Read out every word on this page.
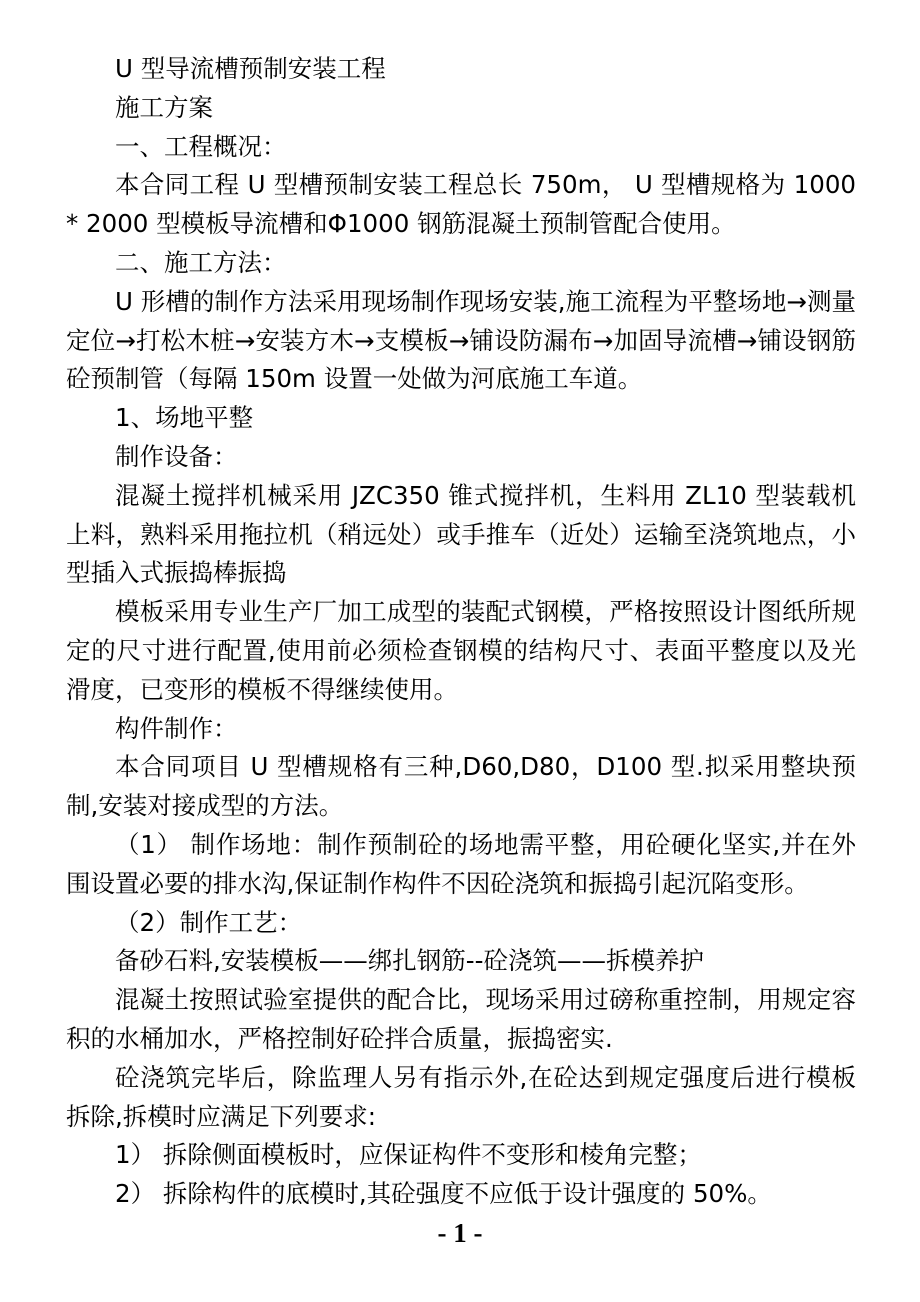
U 型导流槽预制安装工程

施工方案

一、工程概况：

本合同工程 U 型槽预制安装工程总长 750m， U 型槽规格为 1000 * 2000 型模板导流槽和Φ1000 钢筋混凝土预制管配合使用。

二、施工方法：

U 形槽的制作方法采用现场制作现场安装,施工流程为平整场地→测量定位→打松木桩→安装方木→支模板→铺设防漏布→加固导流槽→铺设钢筋砼预制管（每隔 150m 设置一处做为河底施工车道。

1、场地平整

制作设备：

混凝土搅拌机械采用 JZC350 锥式搅拌机，生料用 ZL10 型装载机上料，熟料采用拖拉机（稍远处）或手推车（近处）运输至浇筑地点，小型插入式振捣棒振捣

模板采用专业生产厂加工成型的装配式钢模，严格按照设计图纸所规定的尺寸进行配置,使用前必须检查钢模的结构尺寸、表面平整度以及光滑度，已变形的模板不得继续使用。

构件制作：

本合同项目 U 型槽规格有三种,D60,D80，D100 型.拟采用整块预制,安装对接成型的方法。

（1） 制作场地：制作预制砼的场地需平整，用砼硬化坚实,并在外围设置必要的排水沟,保证制作构件不因砼浇筑和振捣引起沉陷变形。

（2）制作工艺：

备砂石料,安装模板——绑扎钢筋--砼浇筑——拆模养护

混凝土按照试验室提供的配合比，现场采用过磅称重控制，用规定容积的水桶加水，严格控制好砼拌合质量，振捣密实.

砼浇筑完毕后，除监理人另有指示外,在砼达到规定强度后进行模板拆除,拆模时应满足下列要求:

1） 拆除侧面模板时，应保证构件不变形和棱角完整；

2） 拆除构件的底模时,其砼强度不应低于设计强度的 50%。

- 1 -
